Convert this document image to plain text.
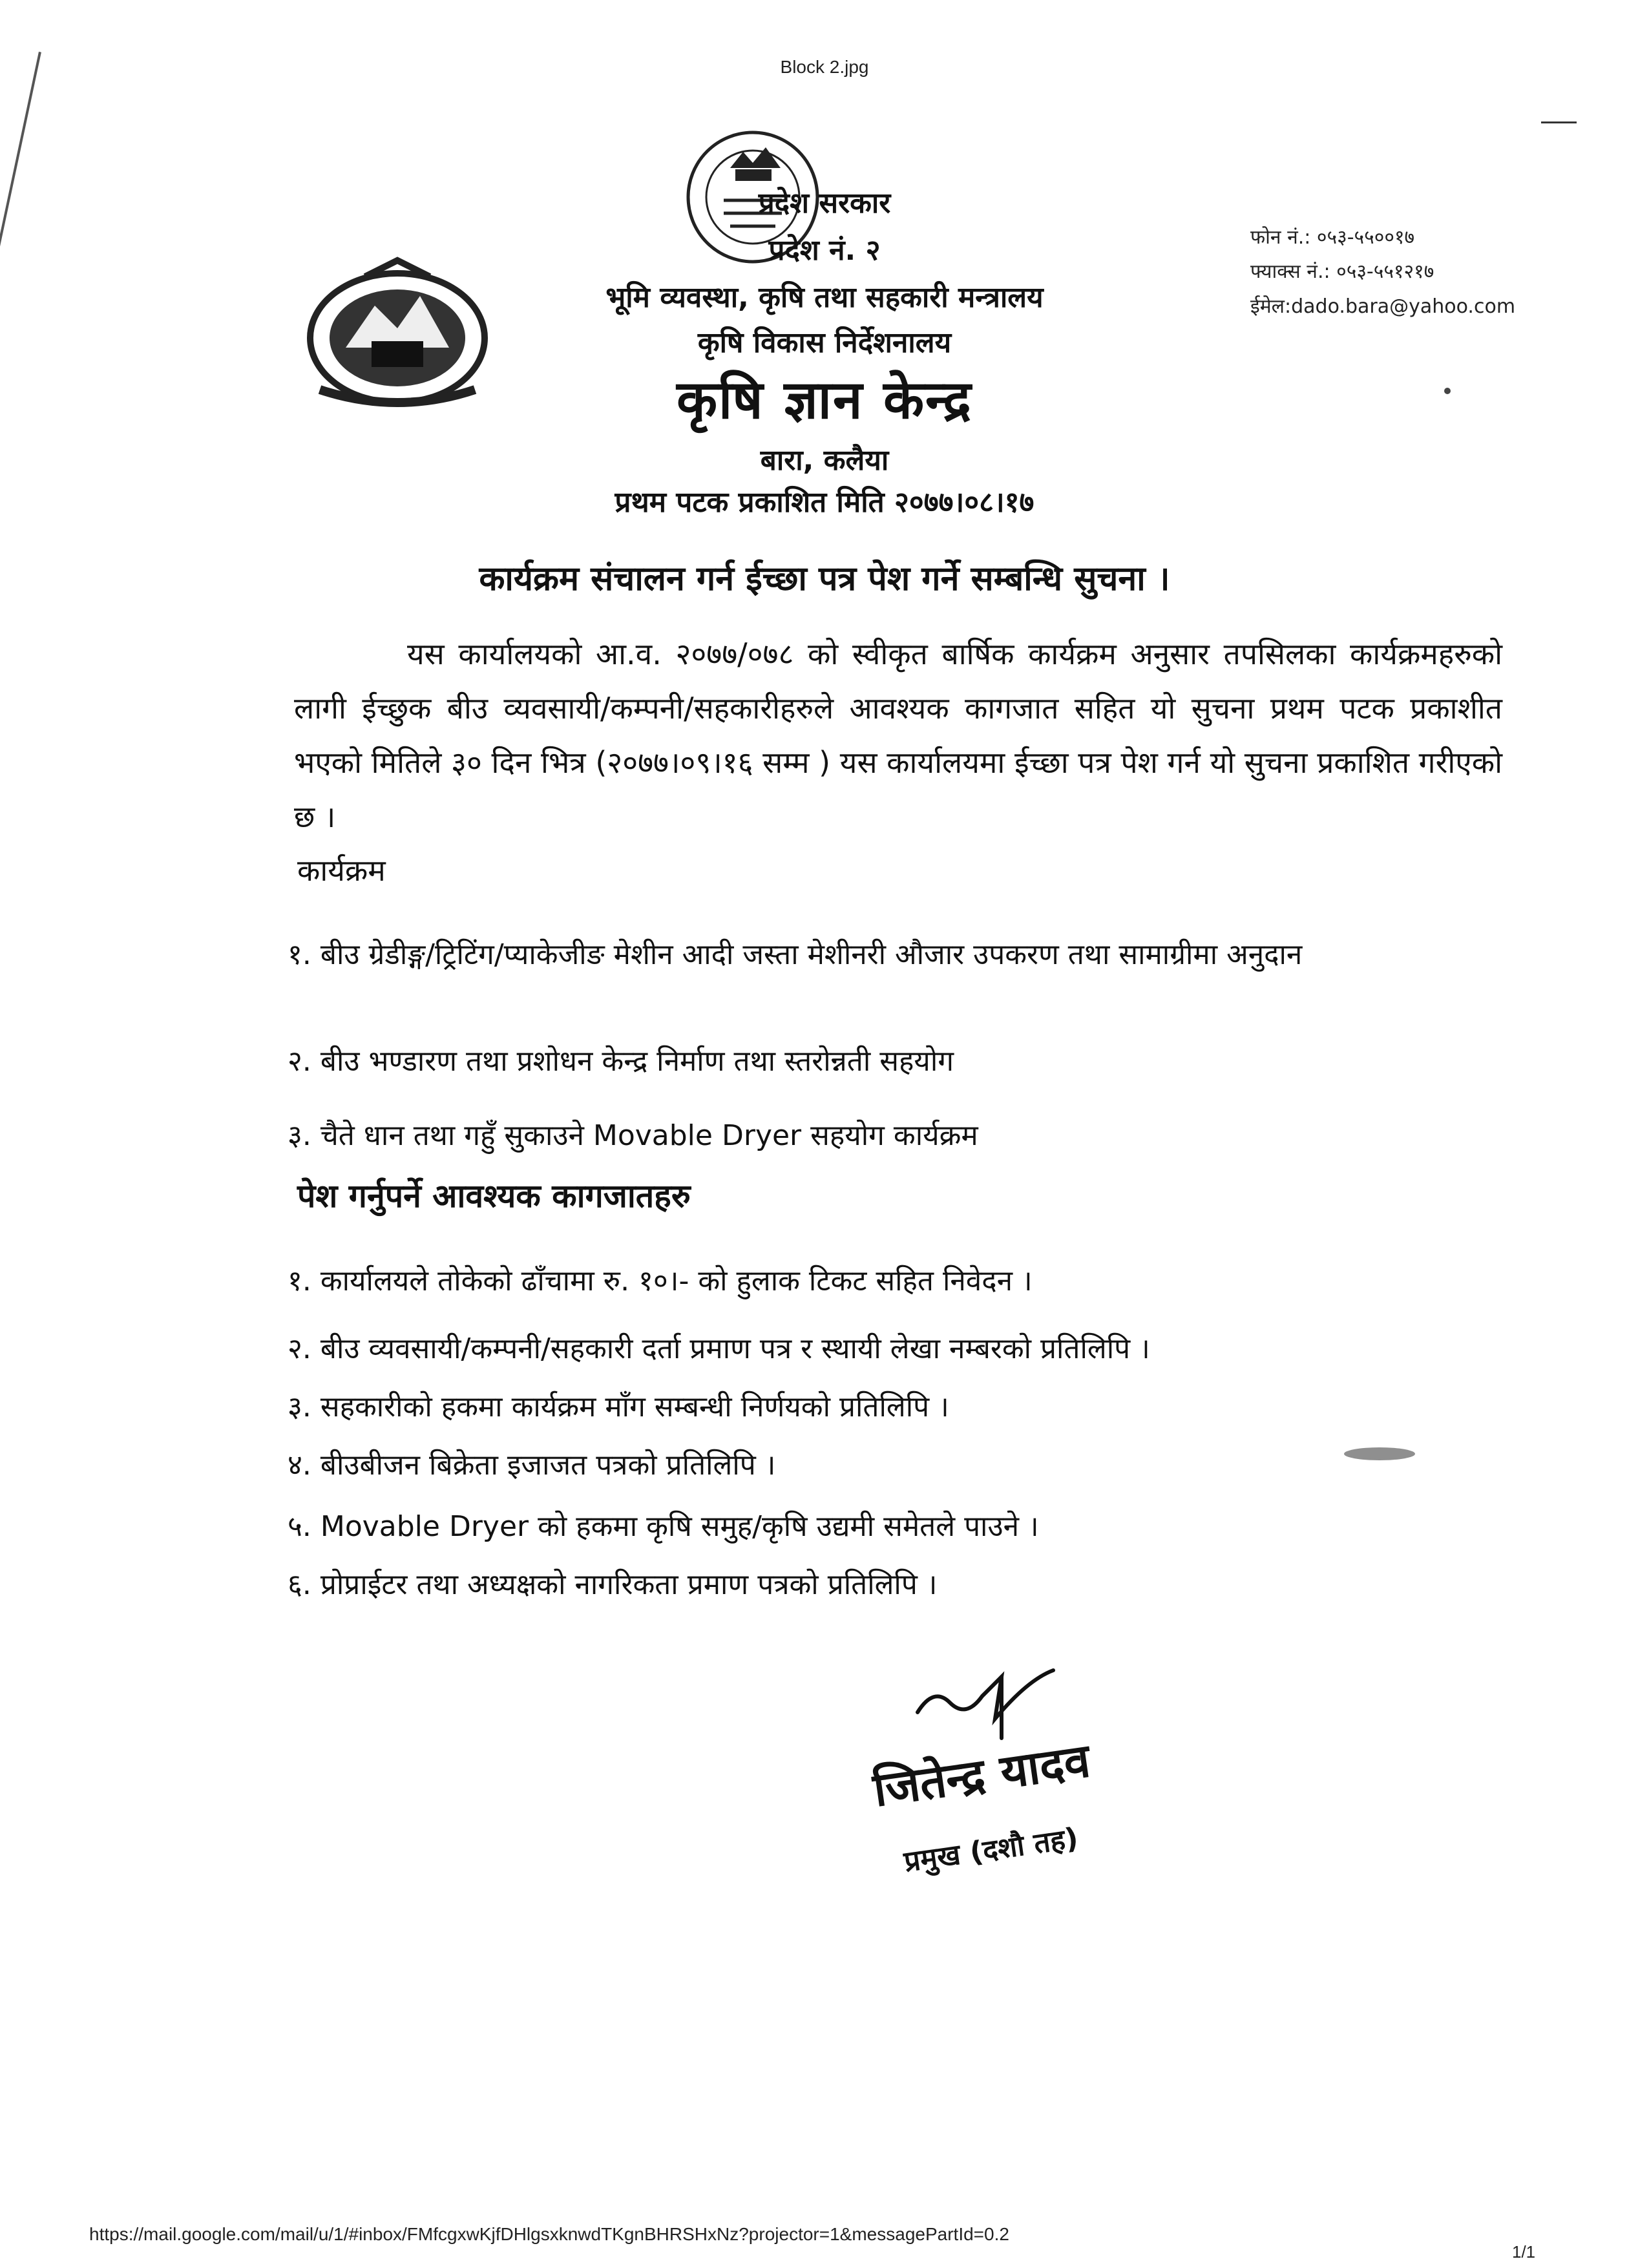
Block 2.jpg
प्रदेश सरकार
प्रदेश नं. २
भूमि व्यवस्था, कृषि तथा सहकारी मन्त्रालय
कृषि विकास निर्देशनालय
कृषि ज्ञान केन्द्र
बारा, कलैया
प्रथम पटक प्रकाशित मिति २०७७।०८।१७
फोन नं.: ०५३-५५००१७
फ्याक्स नं.: ०५३-५५१२१७
ईमेल:dado.bara@yahoo.com
कार्यक्रम संचालन गर्न ईच्छा पत्र पेश गर्ने सम्बन्धि सुचना ।
यस कार्यालयको आ.व. २०७७/०७८ को स्वीकृत बार्षिक कार्यक्रम अनुसार तपसिलका कार्यक्रमहरुको लागी ईच्छुक बीउ व्यवसायी/कम्पनी/सहकारीहरुले आवश्यक कागजात सहित यो सुचना प्रथम पटक प्रकाशीत भएको मितिले ३० दिन भित्र (२०७७।०९।१६ सम्म ) यस कार्यालयमा ईच्छा पत्र पेश गर्न यो सुचना प्रकाशित गरीएको छ ।
कार्यक्रम
१. बीउ ग्रेडीङ्ग/ट्रिटिंग/प्याकेजीङ मेशीन आदी जस्ता मेशीनरी औजार उपकरण तथा सामाग्रीमा अनुदान
२. बीउ भण्डारण तथा प्रशोधन केन्द्र निर्माण तथा स्तरोन्नती सहयोग
३. चैते धान तथा गहुँ सुकाउने Movable Dryer सहयोग कार्यक्रम
पेश गर्नुपर्ने आवश्यक कागजातहरु
१. कार्यालयले तोकेको ढाँचामा रु. १०।- को हुलाक टिकट सहित निवेदन ।
२. बीउ व्यवसायी/कम्पनी/सहकारी दर्ता प्रमाण पत्र र स्थायी लेखा नम्बरको प्रतिलिपि ।
३. सहकारीको हकमा कार्यक्रम माँग सम्बन्धी निर्णयको प्रतिलिपि ।
४. बीउबीजन बिक्रेता इजाजत पत्रको प्रतिलिपि ।
५. Movable Dryer को हकमा कृषि समुह/कृषि उद्यमी समेतले पाउने ।
६. प्रोप्राईटर तथा अध्यक्षको नागरिकता प्रमाण पत्रको प्रतिलिपि ।
जितेन्द्र यादव
प्रमुख (दशौ तह)
https://mail.google.com/mail/u/1/#inbox/FMfcgxwKjfDHlgsxknwdTKgnBHRSHxNz?projector=1&messagePartId=0.2
1/1
